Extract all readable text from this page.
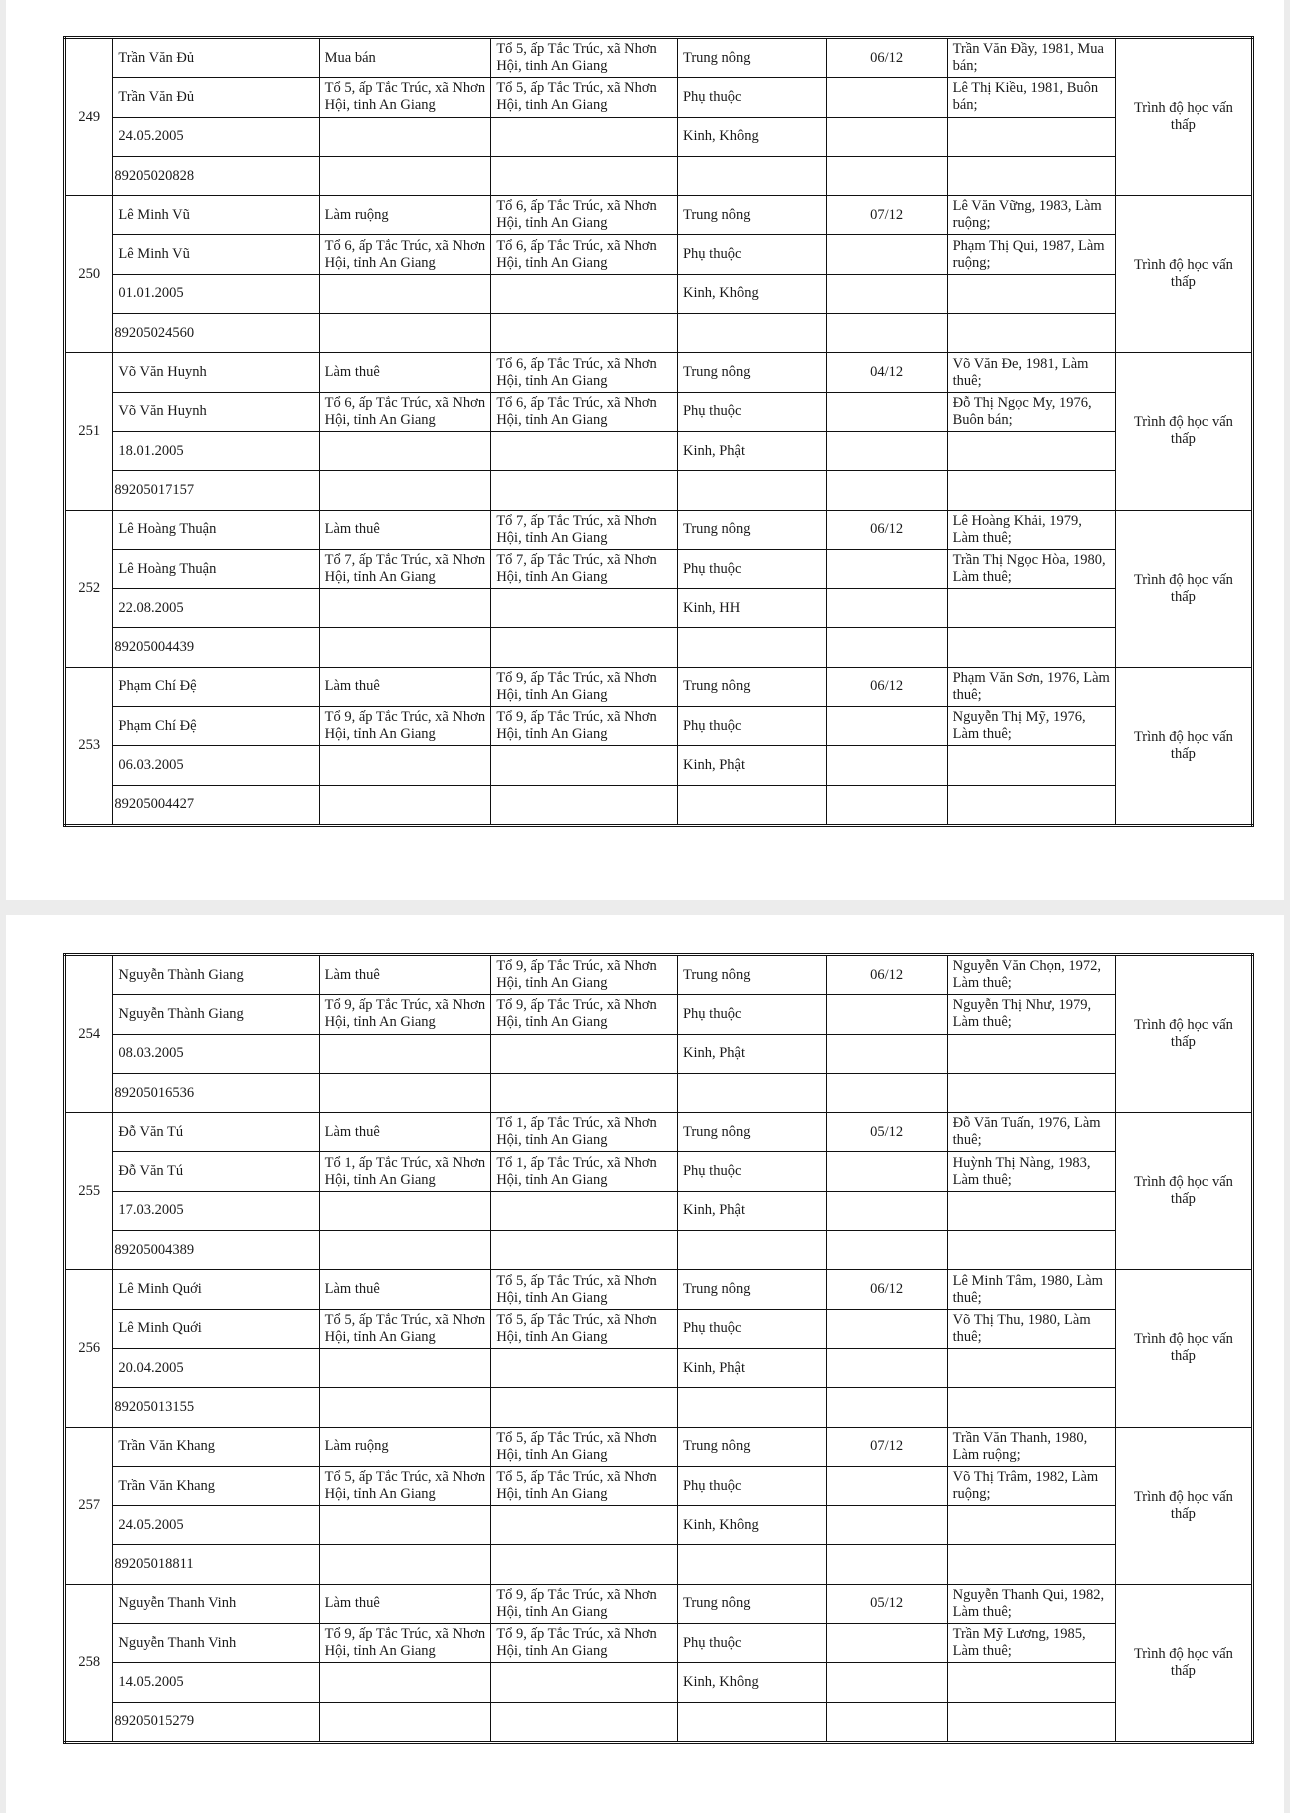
249	Trần Văn Đủ	Mua bán	Tổ 5, ấp Tắc Trúc, xã Nhơn Hội, tinh An Giang	Trung nông	06/12	Trần Văn Đầy, 1981, Mua bán;	Trình độ học vấn thấp
	Trần Văn Đủ	Tổ 5, ấp Tắc Trúc, xã Nhơn Hội, tinh An Giang	Tổ 5, ấp Tắc Trúc, xã Nhơn Hội, tinh An Giang	Phụ thuộc		Lê Thị Kiều, 1981, Buôn bán;	
	24.05.2005			Kinh, Không			
	89205020828						
250	Lê Minh Vũ	Làm ruộng	Tổ 6, ấp Tắc Trúc, xã Nhơn Hội, tỉnh An Giang	Trung nông	07/12	Lê Văn Vững, 1983, Làm ruộng;	Trình độ học vấn thấp
	Lê Minh Vũ	Tổ 6, ấp Tắc Trúc, xã Nhơn Hội, tỉnh An Giang	Tổ 6, ấp Tắc Trúc, xã Nhơn Hội, tỉnh An Giang	Phụ thuộc		Phạm Thị Qui, 1987, Làm ruộng;	
	01.01.2005			Kinh, Không			
	89205024560						
251	Võ Văn Huynh	Làm thuê	Tổ 6, ấp Tắc Trúc, xã Nhơn Hội, tỉnh An Giang	Trung nông	04/12	Võ Văn Đe, 1981, Làm thuê;	Trình độ học vấn thấp
	Võ Văn Huynh	Tổ 6, ấp Tắc Trúc, xã Nhơn Hội, tỉnh An Giang	Tổ 6, ấp Tắc Trúc, xã Nhơn Hội, tỉnh An Giang	Phụ thuộc		Đỗ Thị Ngọc My, 1976, Buôn bán;	
	18.01.2005			Kinh, Phật			
	89205017157						
252	Lê Hoàng Thuận	Làm thuê	Tổ 7, ấp Tắc Trúc, xã Nhơn Hội, tỉnh An Giang	Trung nông	06/12	Lê Hoàng Khải, 1979, Làm thuê;	Trình độ học vấn thấp
	Lê Hoàng Thuận	Tổ 7, ấp Tắc Trúc, xã Nhơn Hội, tỉnh An Giang	Tổ 7, ấp Tắc Trúc, xã Nhơn Hội, tỉnh An Giang	Phụ thuộc		Trần Thị Ngọc Hòa, 1980, Làm thuê;	
	22.08.2005			Kinh, HH			
	89205004439						
253	Phạm Chí Đệ	Làm thuê	Tổ 9, ấp Tắc Trúc, xã Nhơn Hội, tỉnh An Giang	Trung nông	06/12	Phạm Văn Sơn, 1976, Làm thuê;	Trình độ học vấn thấp
	Phạm Chí Đệ	Tổ 9, ấp Tắc Trúc, xã Nhơn Hội, tỉnh An Giang	Tổ 9, ấp Tắc Trúc, xã Nhơn Hội, tỉnh An Giang	Phụ thuộc		Nguyễn Thị Mỹ, 1976, Làm thuê;	
	06.03.2005			Kinh, Phật			
	89205004427						
254	Nguyễn Thành Giang	Làm thuê	Tổ 9, ấp Tắc Trúc, xã Nhơn Hội, tỉnh An Giang	Trung nông	06/12	Nguyễn Văn Chọn, 1972, Làm thuê;	Trình độ học vấn thấp
	Nguyễn Thành Giang	Tổ 9, ấp Tắc Trúc, xã Nhơn Hội, tỉnh An Giang	Tổ 9, ấp Tắc Trúc, xã Nhơn Hội, tỉnh An Giang	Phụ thuộc		Nguyễn Thị Như, 1979, Làm thuê;	
	08.03.2005			Kinh, Phật			
	89205016536						
255	Đỗ Văn Tú	Làm thuê	Tổ 1, ấp Tắc Trúc, xã Nhơn Hội, tỉnh An Giang	Trung nông	05/12	Đỗ Văn Tuấn, 1976, Làm thuê;	Trình độ học vấn thấp
	Đỗ Văn Tú	Tổ 1, ấp Tắc Trúc, xã Nhơn Hội, tỉnh An Giang	Tổ 1, ấp Tắc Trúc, xã Nhơn Hội, tỉnh An Giang	Phụ thuộc		Huỳnh Thị Nàng, 1983, Làm thuê;	
	17.03.2005			Kinh, Phật			
	89205004389						
256	Lê Minh Quới	Làm thuê	Tổ 5, ấp Tắc Trúc, xã Nhơn Hội, tỉnh An Giang	Trung nông	06/12	Lê Minh Tâm, 1980, Làm thuê;	Trình độ học vấn thấp
	Lê Minh Quới	Tổ 5, ấp Tắc Trúc, xã Nhơn Hội, tỉnh An Giang	Tổ 5, ấp Tắc Trúc, xã Nhơn Hội, tỉnh An Giang	Phụ thuộc		Võ Thị Thu, 1980, Làm thuê;	
	20.04.2005			Kinh, Phật			
	89205013155						
257	Trần Văn Khang	Làm ruộng	Tổ 5, ấp Tắc Trúc, xã Nhơn Hội, tỉnh An Giang	Trung nông	07/12	Trần Văn Thanh, 1980, Làm ruộng;	Trình độ học vấn thấp
	Trần Văn Khang	Tổ 5, ấp Tắc Trúc, xã Nhơn Hội, tỉnh An Giang	Tổ 5, ấp Tắc Trúc, xã Nhơn Hội, tỉnh An Giang	Phụ thuộc		Võ Thị Trâm, 1982, Làm ruộng;	
	24.05.2005			Kinh, Không			
	89205018811						
258	Nguyễn Thanh Vinh	Làm thuê	Tổ 9, ấp Tắc Trúc, xã Nhơn Hội, tỉnh An Giang	Trung nông	05/12	Nguyễn Thanh Qui, 1982, Làm thuê;	Trình độ học vấn thấp
	Nguyễn Thanh Vinh	Tổ 9, ấp Tắc Trúc, xã Nhơn Hội, tỉnh An Giang	Tổ 9, ấp Tắc Trúc, xã Nhơn Hội, tỉnh An Giang	Phụ thuộc		Trần Mỹ Lương, 1985, Làm thuê;	
	14.05.2005			Kinh, Không			
	89205015279						
